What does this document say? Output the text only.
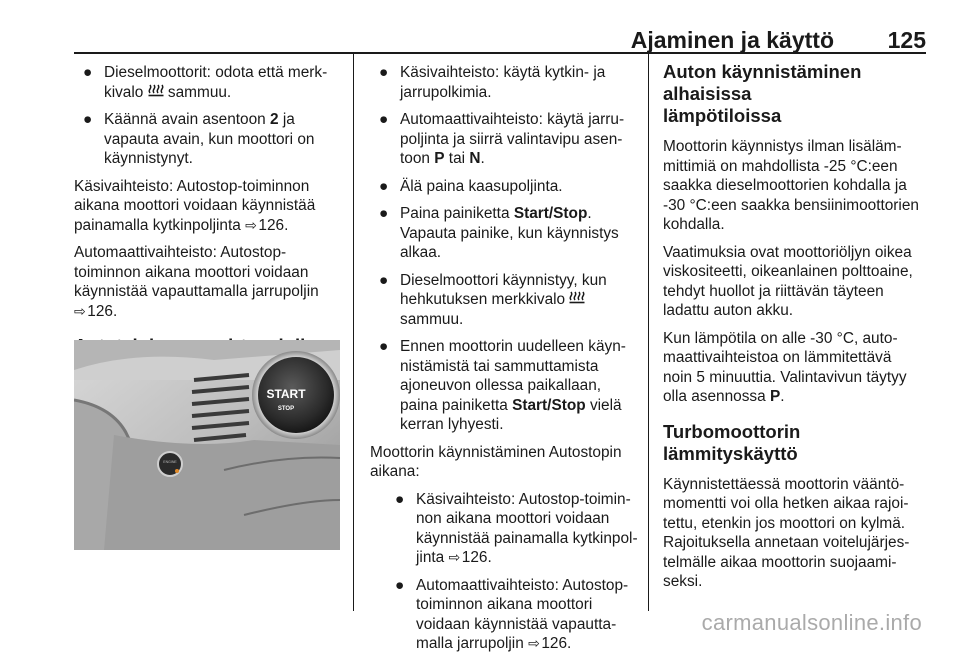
Ajaminen ja käyttö 125
● Dieselmoottorit: odota että merk-
kivalo sammuu.
● Käännä avain asentoon 2 ja
vapauta avain, kun moottori on
käynnistynyt.

Käsivaihteisto: Autostop-toiminnon
aikana moottori voidaan käynnistää
painamalla kytkinpoljinta ⇨ 126.

Automaattivaihteisto: Autostop-
toiminnon aikana moottori voidaan
käynnistää vapauttamalla jarrupoljin
⇨ 126.

START
STOP
ENGINE
● Käsivaihteisto: käytä kytkin- ja
jarrupolkimia.
● Automaattivaihteisto: käytä jarru-
poljinta ja siirrä valintavipu asen-
toon P tai N.
● Älä paina kaasupoljinta.
● Paina painiketta Start/Stop.
Vapauta painike, kun käynnistys
alkaa.
● Dieselmoottori käynnistyy, kun
hehkutuksen merkkivalo
sammuu.
● Ennen moottorin uudelleen käyn-
nistämistä tai sammuttamista
ajoneuvon ollessa paikallaan,
paina painiketta Start/Stop vielä
kerran lyhyesti.

Moottorin käynnistäminen Autostopin
aikana:

● Käsivaihteisto: Autostop-toimin-
non aikana moottori voidaan
käynnistää painamalla kytkinpol-
jinta ⇨ 126.
● Automaattivaihteisto: Autostop-
toiminnon aikana moottori
voidaan käynnistää vapautta-
malla jarrupoljin ⇨ 126.
Auton käynnistäminen alhaisissa
lämpötiloissa

Moottorin käynnistys ilman lisäläm-
mittimiä on mahdollista -25 °C:een
saakka dieselmoottorien kohdalla ja
-30 °C:een saakka bensiinimoottorien
kohdalla.

Vaatimuksia ovat moottoriöljyn oikea
viskositeetti, oikeanlainen polttoaine,
tehdyt huollot ja riittävän täyteen
ladattu auton akku.

Kun lämpötila on alle -30 °C, auto-
maattivaihteistoa on lämmitettävä
noin 5 minuuttia. Valintavivun täytyy
olla asennossa P.

Turbomoottorin lämmityskäyttö

Käynnistettäessä moottorin vääntö-
momentti voi olla hetken aikaa rajoi-
tettu, etenkin jos moottori on kylmä.
Rajoituksella annetaan voitelujärjes-
telmälle aikaa moottorin suojaami-
seksi.

carmanualsonline.info
